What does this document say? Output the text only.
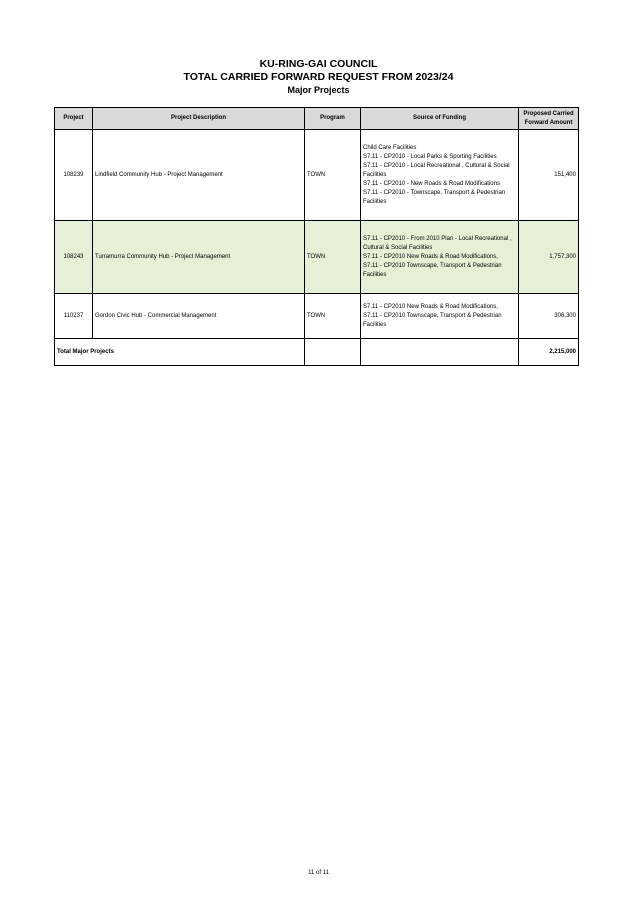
KU-RING-GAI COUNCIL
TOTAL CARRIED FORWARD REQUEST FROM 2023/24
Major Projects
Project	Project Description	Program	Source of Funding	Proposed Carried Forward Amount
108239	Lindfield Community Hub - Project Management	TOWN	Child Care Facilities
S7.11 - CP2010 - Local Parks & Sporting Facilities
S7.11 - CP2010 - Local Recreational , Cultural & Social Facilities
S7.11 - CP2010 - New Roads & Road Modifications
S7.11 - CP2010 - Townscape, Transport & Pedestrian Facilities	151,400
108243	Turramurra Community Hub - Project Management	TOWN	S7.11 - CP2010 - From 2010 Plan - Local Recreational , Cultural & Social Facilities
S7.11 - CP2010 New Roads & Road Modifications,
S7.11 - CP2010 Townscape, Transport & Pedestrian Facilities	1,757,300
110237	Gordon Civic Hub - Commercial Management	TOWN	S7.11 - CP2010 New Roads & Road Modifications,
S7.11 - CP2010 Townscape, Transport & Pedestrian Facilities	306,300
Total Major Projects				2,215,000
11 of 11
